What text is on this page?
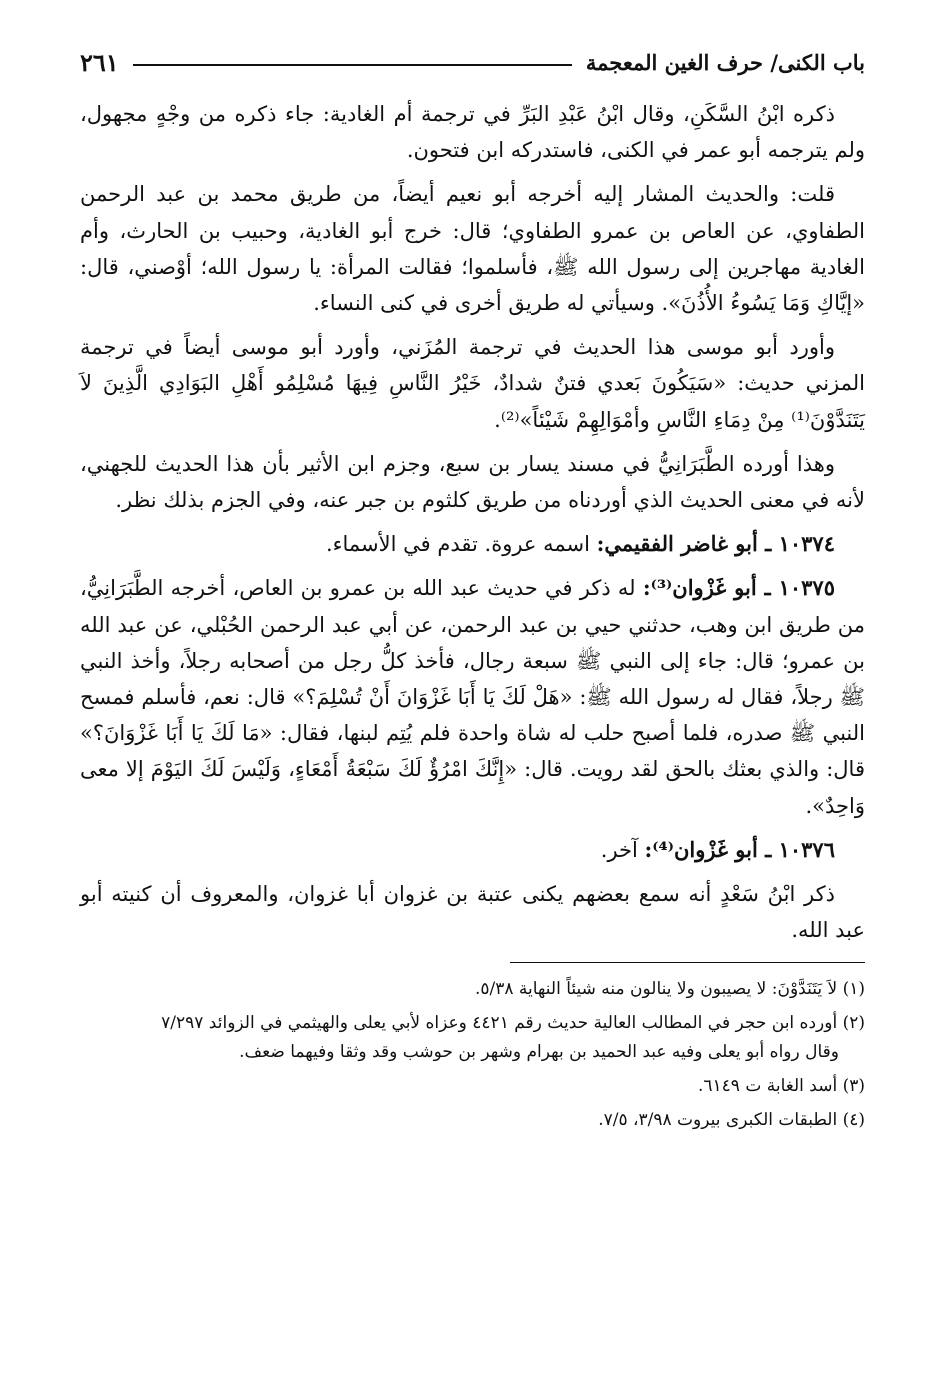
باب الكنى/ حرف الغين المعجمة
٢٦١

ذكره ابْنُ السَّكَنِ، وقال ابْنُ عَبْدِ البَرِّ في ترجمة أم الغادية: جاء ذكره من وجْهٍ مجهول، ولم يترجمه أبو عمر في الكنى، فاستدركه ابن فتحون.

قلت: والحديث المشار إليه أخرجه أبو نعيم أيضاً، من طريق محمد بن عبد الرحمن الطفاوي، عن العاص بن عمرو الطفاوي؛ قال: خرج أبو الغادية، وحبيب بن الحارث، وأم الغادية مهاجرين إلى رسول الله ﷺ، فأسلموا؛ فقالت المرأة: يا رسول الله؛ أوْصني، قال: «إيَّاكِ وَمَا يَسُوءُ الأُذُنَ». وسيأتي له طريق أخرى في كنى النساء.

وأورد أبو موسى هذا الحديث في ترجمة المُزَني، وأورد أبو موسى أيضاً في ترجمة المزني حديث: «سَيَكُونَ بَعدي فتنٌ شدادٌ، خَيْرُ النَّاسِ فِيهَا مُسْلِمُو أَهْلِ البَوَادِي الَّذِينَ لاَ يَتَنَدَّوْنَ⁽¹⁾ مِنْ دِمَاءِ النَّاسِ وأمْوَالِهِمْ شَيْئاً»⁽²⁾.

وهذا أورده الطَّبَرَانِيُّ في مسند يسار بن سبع، وجزم ابن الأثير بأن هذا الحديث للجهني، لأنه في معنى الحديث الذي أوردناه من طريق كلثوم بن جبر عنه، وفي الجزم بذلك نظر.

١٠٣٧٤ ـ أبو غاضر الفقيمي: اسمه عروة. تقدم في الأسماء.

١٠٣٧٥ ـ أبو غَزْوان⁽³⁾: له ذكر في حديث عبد الله بن عمرو بن العاص، أخرجه الطَّبَرَانِيُّ، من طريق ابن وهب، حدثني حيي بن عبد الرحمن، عن أبي عبد الرحمن الحُبْلي، عن عبد الله بن عمرو؛ قال: جاء إلى النبي ﷺ سبعة رجال، فأخذ كلُّ رجل من أصحابه رجلاً، وأخذ النبي ﷺ رجلاً، فقال له رسول الله ﷺ: «هَلْ لَكَ يَا أَبَا غَزْوَانَ أَنْ تُسْلِمَ؟» قال: نعم، فأسلم فمسح النبي ﷺ صدره، فلما أصبح حلب له شاة واحدة فلم يُتِم لبنها، فقال: «مَا لَكَ يَا أَبَا غَزْوَانَ؟» قال: والذي بعثك بالحق لقد رويت. قال: «إِنَّكَ امْرُؤٌ لَكَ سَبْعَةُ أَمْعَاءٍ، وَلَيْسَ لَكَ اليَوْمَ إلا معى وَاحِدٌ».

١٠٣٧٦ ـ أبو غَزْوان⁽⁴⁾: آخر.

ذكر ابْنُ سَعْدٍ أنه سمع بعضهم يكنى عتبة بن غزوان أبا غزوان، والمعروف أن كنيته أبو عبد الله.

(١) لاَ يَتَنَدَّوْنَ: لا يصيبون ولا ينالون منه شيئاً النهاية ٥/٣٨.

(٢) أورده ابن حجر في المطالب العالية حديث رقم ٤٤٢١ وعزاه لأبي يعلى والهيثمي في الزوائد ٧/٢٩٧
وقال رواه أبو يعلى وفيه عبد الحميد بن بهرام وشهر بن حوشب وقد وثقا وفيهما ضعف.

(٣) أسد الغابة ت ٦١٤٩.

(٤) الطبقات الكبرى بيروت ٣/٩٨، ٧/٥.
